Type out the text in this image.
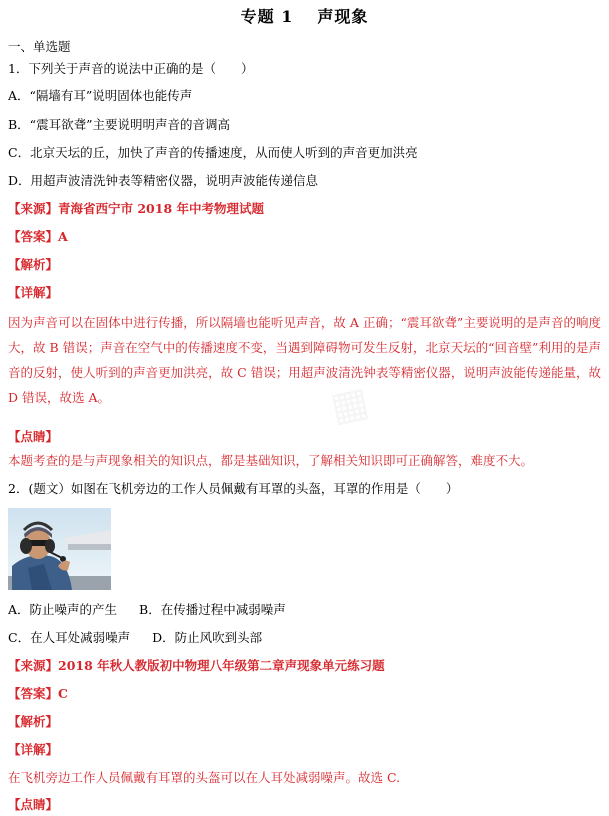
专题 1 声现象
一、单选题
1．下列关于声音的说法中正确的是（　　）
A．“隔墙有耳”说明固体也能传声
B．“震耳欲聋”主要说明明声音的音调高
C．北京天坛的丘，加快了声音的传播速度，从而使人听到的声音更加洪亮
D．用超声波清洗钟表等精密仪器，说明声波能传递信息
【来源】青海省西宁市 2018 年中考物理试题
【答案】A
【解析】
【详解】
因为声音可以在固体中进行传播，所以隔墙也能听见声音，故 A 正确；“震耳欲聋”主要说明的是声音的响度大，故 B 错误；声音在空气中的传播速度不变，当遇到障碍物可发生反射，北京天坛的“回音壁”利用的是声音的反射，使人听到的声音更加洪亮，故 C 错误；用超声波清洗钟表等精密仪器，说明声波能传递能量，故 D 错误，故选 A。	▦
【点睛】
本题考查的是与声现象相关的知识点，都是基础知识，了解相关知识即可正确解答，难度不大。
2．(题文）如图在飞机旁边的工作人员佩戴有耳罩的头盔，耳罩的作用是（　　）
A．防止噪声的产生 B．在传播过程中减弱噪声
C．在人耳处减弱噪声 D．防止风吹到头部
【来源】2018 年秋人教版初中物理八年级第二章声现象单元练习题
【答案】C
【解析】
【详解】
在飞机旁边工作人员佩戴有耳罩的头盔可以在人耳处减弱噪声。故选 C.
【点睛】
